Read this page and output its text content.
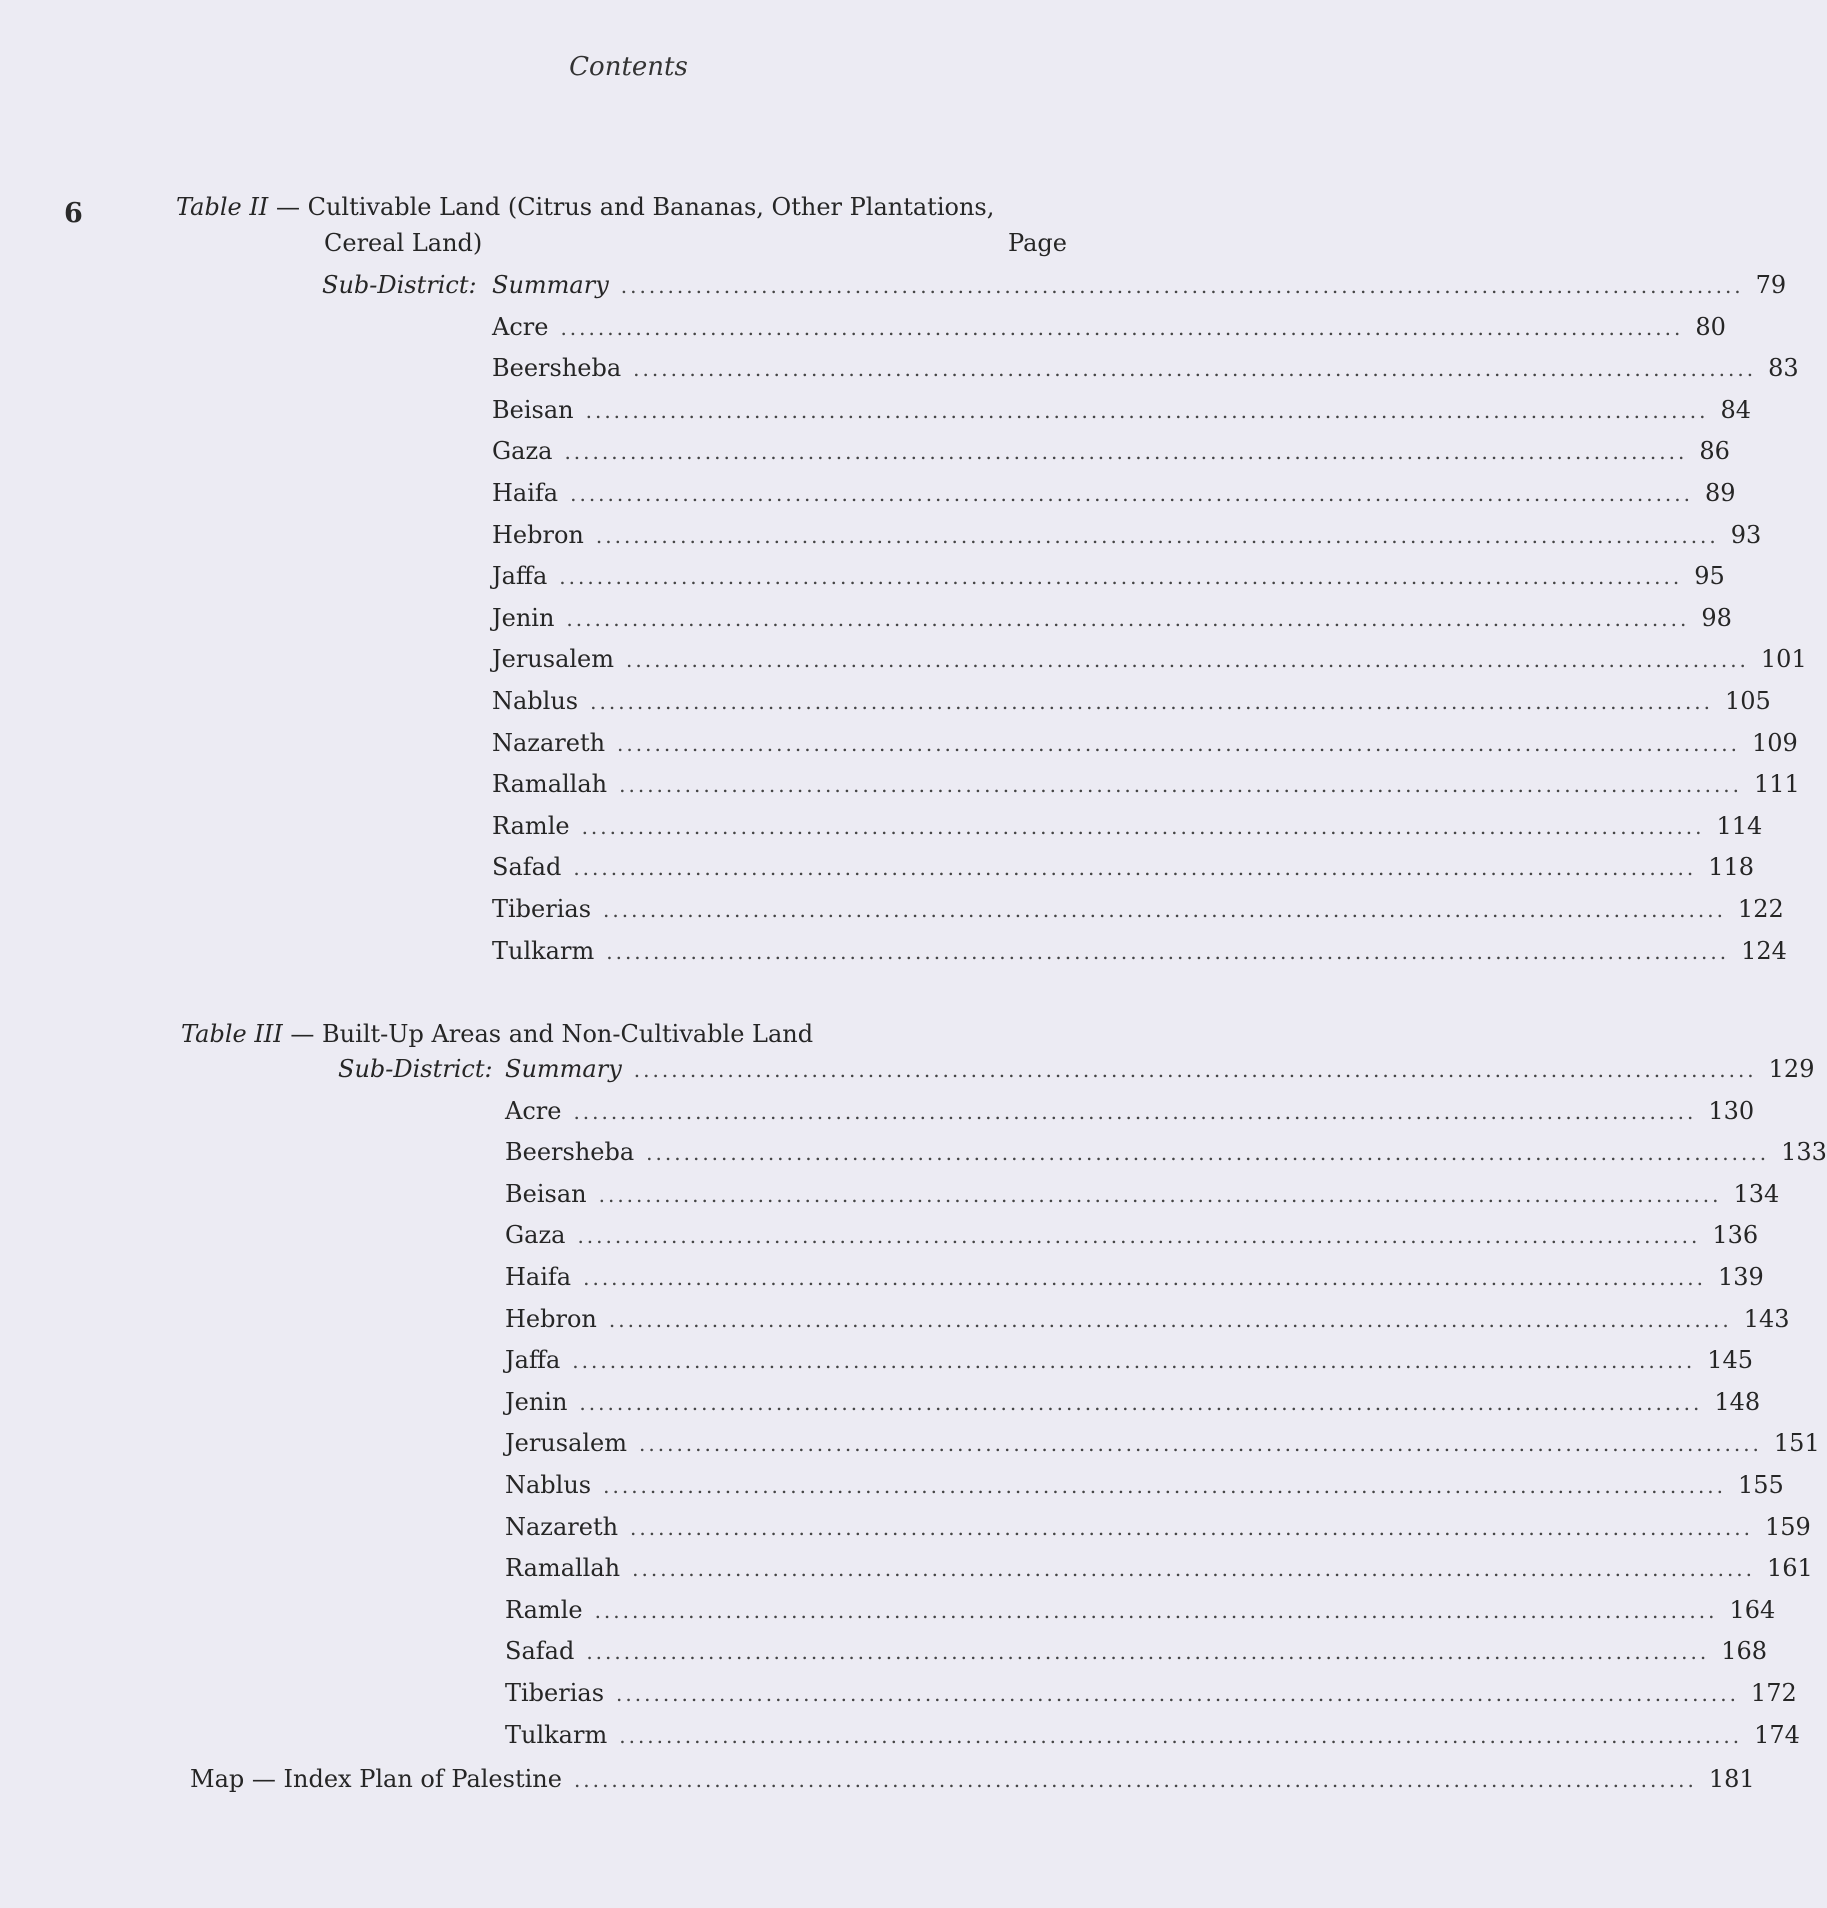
Contents
6	Table II — Cultivable Land (Citrus and Bananas, Other Plantations,
Cereal Land)	Page
Sub-District: Summary ........................................................................................................................ 79
Acre ........................................................................................................................ 80
Beersheba ........................................................................................................................ 83
Beisan ........................................................................................................................ 84
Gaza ........................................................................................................................ 86
Haifa ........................................................................................................................ 89
Hebron ........................................................................................................................ 93
Jaffa ........................................................................................................................ 95
Jenin ........................................................................................................................ 98
Jerusalem ........................................................................................................................ 101
Nablus ........................................................................................................................ 105
Nazareth ........................................................................................................................ 109
Ramallah ........................................................................................................................ 111
Ramle ........................................................................................................................ 114
Safad ........................................................................................................................ 118
Tiberias ........................................................................................................................ 122
Tulkarm ........................................................................................................................ 124
Table III — Built-Up Areas and Non-Cultivable Land
Sub-District: Summary ........................................................................................................................ 129
Acre ........................................................................................................................ 130
Beersheba ........................................................................................................................ 133
Beisan ........................................................................................................................ 134
Gaza ........................................................................................................................ 136
Haifa ........................................................................................................................ 139
Hebron ........................................................................................................................ 143
Jaffa ........................................................................................................................ 145
Jenin ........................................................................................................................ 148
Jerusalem ........................................................................................................................ 151
Nablus ........................................................................................................................ 155
Nazareth ........................................................................................................................ 159
Ramallah ........................................................................................................................ 161
Ramle ........................................................................................................................ 164
Safad ........................................................................................................................ 168
Tiberias ........................................................................................................................ 172
Tulkarm ........................................................................................................................ 174
Map — Index Plan of Palestine ........................................................................................................................ 181
